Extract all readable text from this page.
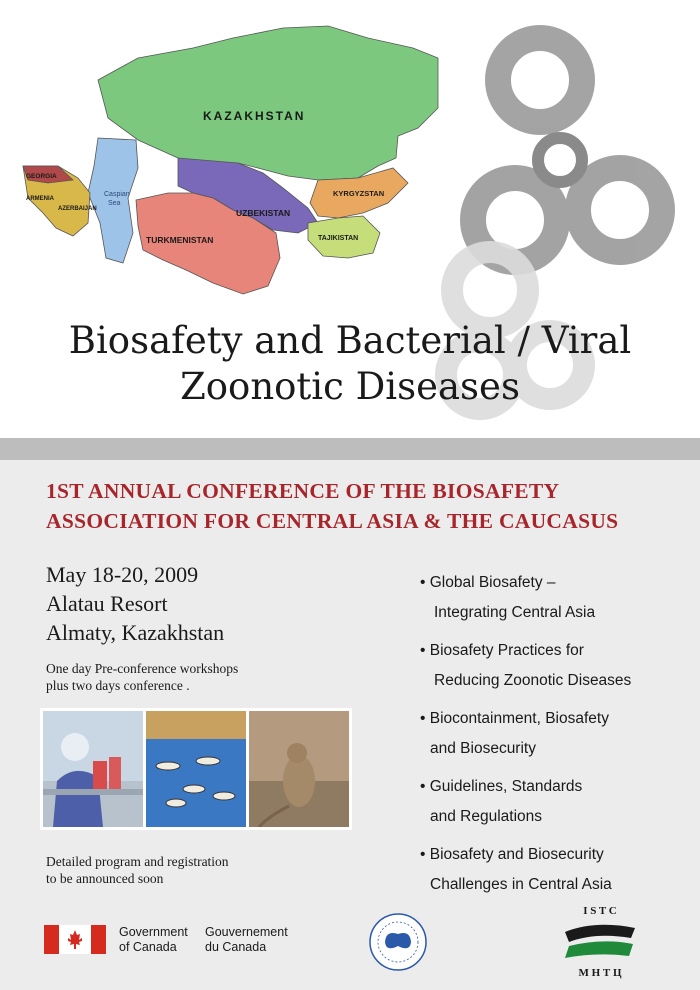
KAZAKHSTAN
UZBEKISTAN
TURKMENISTAN
KYRGYZSTAN
TAJIKISTAN
GEORGIA
ARMENIA
AZERBAIJAN
Caspian
Sea
Biosafety and Bacterial / Viral
Zoonotic Diseases
1ST ANNUAL CONFERENCE OF THE BIOSAFETY
ASSOCIATION FOR CENTRAL ASIA & THE CAUCASUS
May 18-20, 2009
Alatau Resort
Almaty, Kazakhstan
One day Pre-conference workshops
plus two days conference .
Detailed program and registration
to be announced soon
• Global Biosafety –
Integrating Central Asia
• Biosafety Practices for
Reducing Zoonotic Diseases
• Biocontainment, Biosafety
and Biosecurity
• Guidelines, Standards
and Regulations
• Biosafety and Biosecurity
Challenges in Central Asia
Government
of Canada
Gouvernement
du Canada
I S T C
М Н Т Ц
